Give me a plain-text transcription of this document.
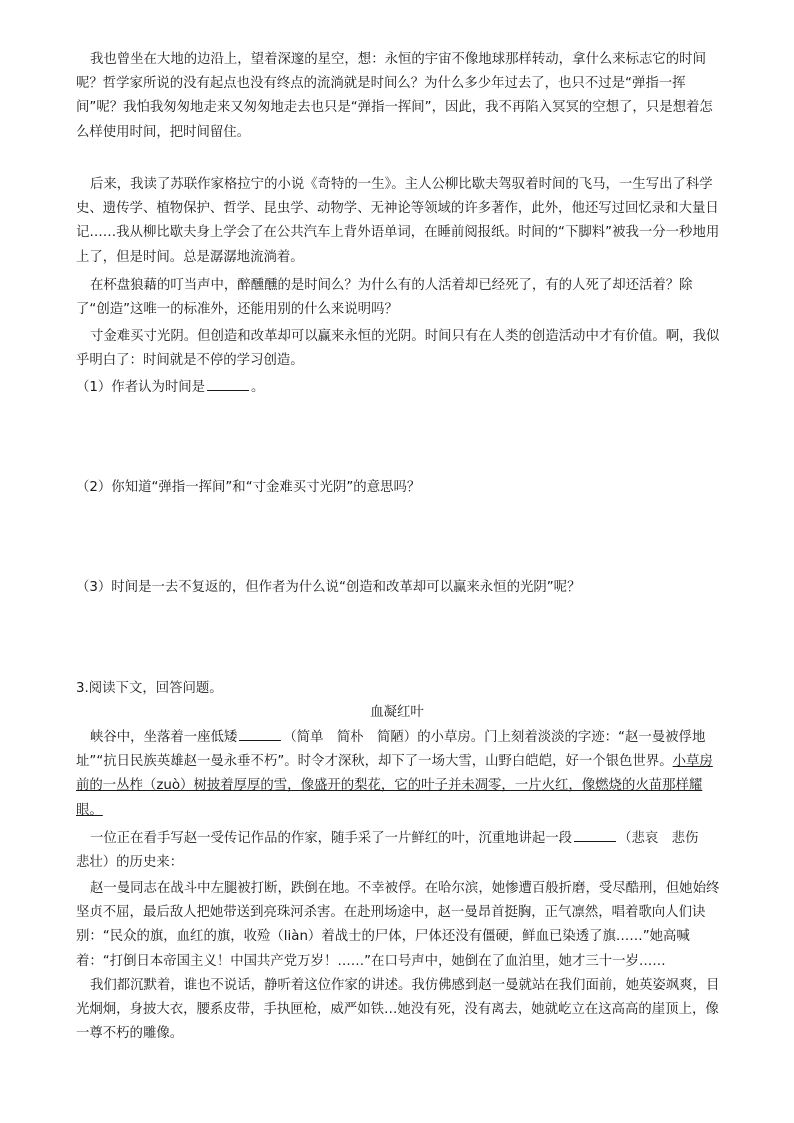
我也曾坐在大地的边沿上，望着深邃的星空，想：永恒的宇宙不像地球那样转动，拿什么来标志它的时间呢？哲学家所说的没有起点也没有终点的流淌就是时间么？为什么多少年过去了，也只不过是“弹指一挥间”呢？我怕我匆匆地走来又匆匆地走去也只是“弹指一挥间”，因此，我不再陷入冥冥的空想了，只是想着怎么样使用时间，把时间留住。

后来，我读了苏联作家格拉宁的小说《奇特的一生》。主人公柳比歇夫驾驭着时间的飞马，一生写出了科学史、遗传学、植物保护、哲学、昆虫学、动物学、无神论等领域的许多著作，此外，他还写过回忆录和大量日记……我从柳比歇夫身上学会了在公共汽车上背外语单词，在睡前阅报纸。时间的“下脚料”被我一分一秒地用上了，但是时间。总是潺潺地流淌着。

在杯盘狼藉的叮当声中，醉醺醺的是时间么？为什么有的人活着却已经死了，有的人死了却还活着？除了“创造”这唯一的标准外，还能用别的什么来说明吗？

寸金难买寸光阴。但创造和改革却可以赢来永恒的光阴。时间只有在人类的创造活动中才有价值。啊，我似乎明白了：时间就是不停的学习创造。

（1）作者认为时间是	。

（2）你知道“弹指一挥间”和“寸金难买寸光阴”的意思吗？

（3）时间是一去不复返的，但作者为什么说“创造和改革却可以赢来永恒的光阴”呢？

3.阅读下文，回答问题。

血凝红叶

峡谷中，坐落着一座低矮	（简单　简朴　简陋）的小草房。门上刻着淡淡的字迹：“赵一曼被俘地址”“抗日民族英雄赵一曼永垂不朽”。时令才深秋，却下了一场大雪，山野白皑皑，好一个银色世界。小草房前的一丛柞（zuò）树披着厚厚的雪，像盛开的梨花，它的叶子并未凋零，一片火红，像燃烧的火苗那样耀眼。

一位正在看手写赵一受传记作品的作家，随手采了一片鲜红的叶，沉重地讲起一段	（悲哀　悲伤　悲壮）的历史来：

赵一曼同志在战斗中左腿被打断，跌倒在地。不幸被俘。在哈尔滨，她惨遭百般折磨，受尽酷刑，但她始终坚贞不屈，最后敌人把她带送到亮珠河杀害。在赴刑场途中，赵一曼昂首挺胸，正气凛然，唱着歌向人们诀别：“民众的旗，血红的旗，收殓（liàn）着战士的尸体，尸体还没有僵硬，鲜血已染透了旗……”她高喊着：“打倒日本帝国主义！中国共产党万岁！……”在口号声中，她倒在了血泊里，她才三十一岁……

我们都沉默着，谁也不说话，静听着这位作家的讲述。我仿佛感到赵一曼就站在我们面前，她英姿飒爽，目光炯炯，身披大衣，腰系皮带，手执匣枪，威严如铁…她没有死，没有离去，她就屹立在这高高的崖顶上，像一尊不朽的雕像。
